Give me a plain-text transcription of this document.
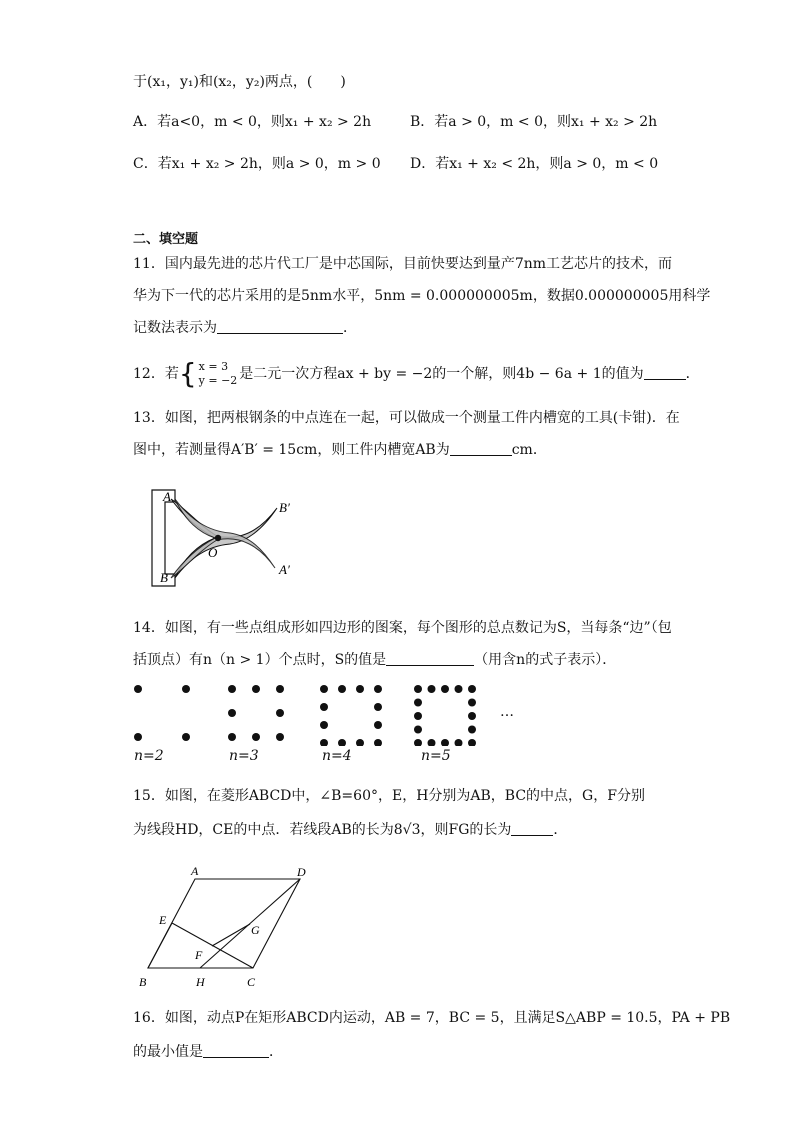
于(x₁，y₁)和(x₂，y₂)两点，(　　)
A．若a<0，m < 0，则x₁ + x₂ > 2h	B．若a > 0，m < 0，则x₁ + x₂ > 2h
C．若x₁ + x₂ > 2h，则a > 0，m > 0 D．若x₁ + x₂ < 2h，则a > 0，m < 0
二、填空题
11．国内最先进的芯片代工厂是中芯国际，目前快要达到量产7nm工艺芯片的技术，而
华为下一代的芯片采用的是5nm水平，5nm = 0.000000005m，数据0.000000005用科学
记数法表示为	．
12．若{ x = 3
y = −2 是二元一次方程ax + by = −2的一个解，则4b − 6a + 1的值为	．
13．如图，把两根钢条的中点连在一起，可以做成一个测量工件内槽宽的工具(卡钳)．在
图中，若测量得A′B′ = 15cm，则工件内槽宽AB为	cm．
A
B
O
B′
A′
14．如图，有一些点组成形如四边形的图案，每个图形的总点数记为S，当每条“边”（包
括顶点）有n（n > 1）个点时，S的值是	（用含n的式子表示）．
n=2	n=3	n=4	n=5
…
15．如图，在菱形ABCD中，∠B=60°，E，H分别为AB，BC的中点，G，F分别
为线段HD，CE的中点．若线段AB的长为8√3，则FG的长为	．
A	D
E
G
F
B	H	C
16．如图，动点P在矩形ABCD内运动，AB = 7，BC = 5，且满足S△ABP = 10.5，PA + PB
的最小值是	．
